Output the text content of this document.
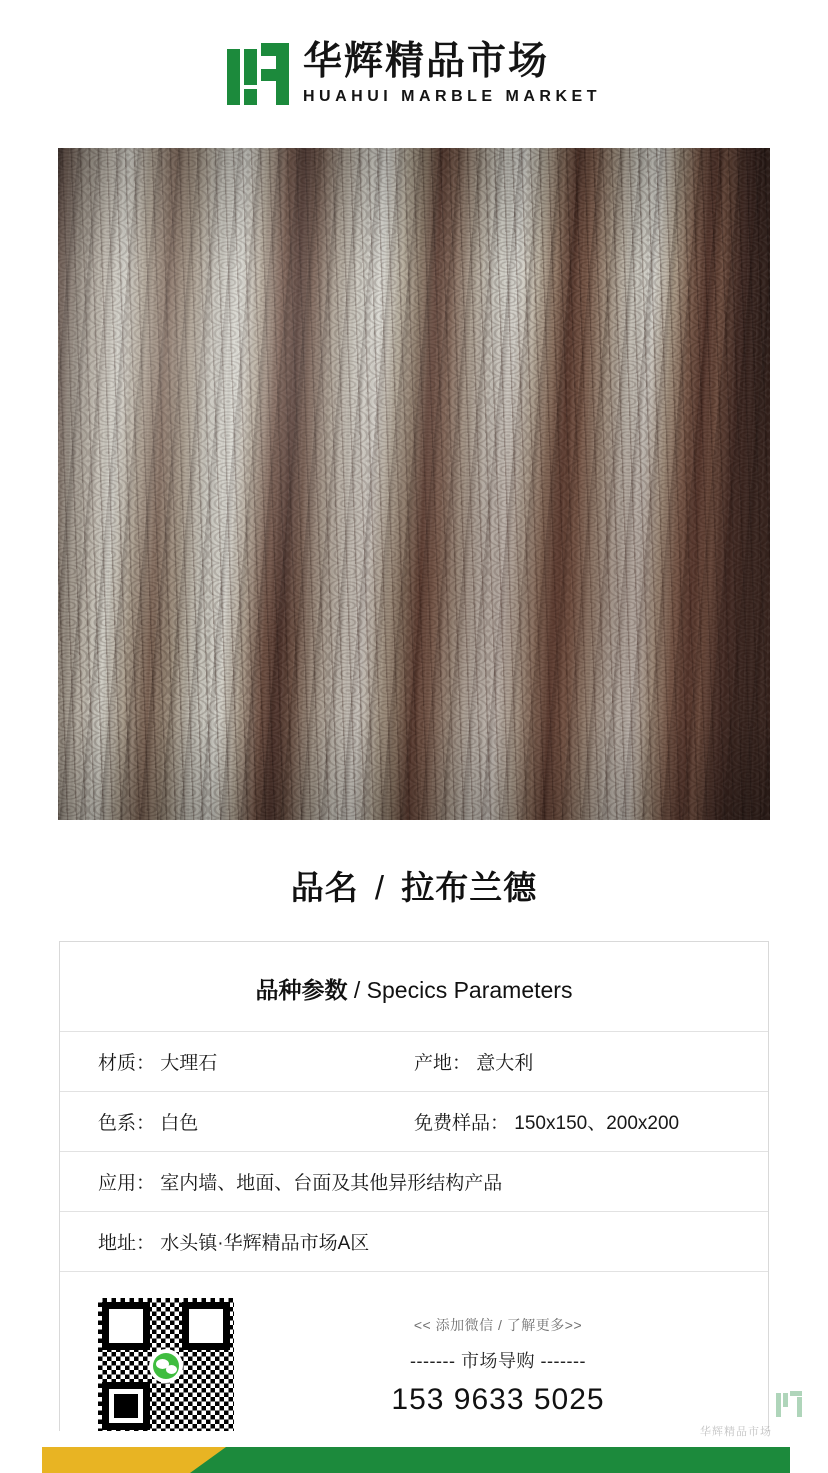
华辉精品市场
HUAHUI MARBLE MARKET
品名 / 拉布兰德
品种参数 / Specics Parameters
材质： 大理石	产地： 意大利
色系： 白色	免费样品： 150x150、200x200
应用： 室内墙、地面、台面及其他异形结构产品
地址： 水头镇·华辉精品市场A区
<< 添加微信 / 了解更多>>
------- 市场导购 -------
153 9633 5025
华辉精品市场
